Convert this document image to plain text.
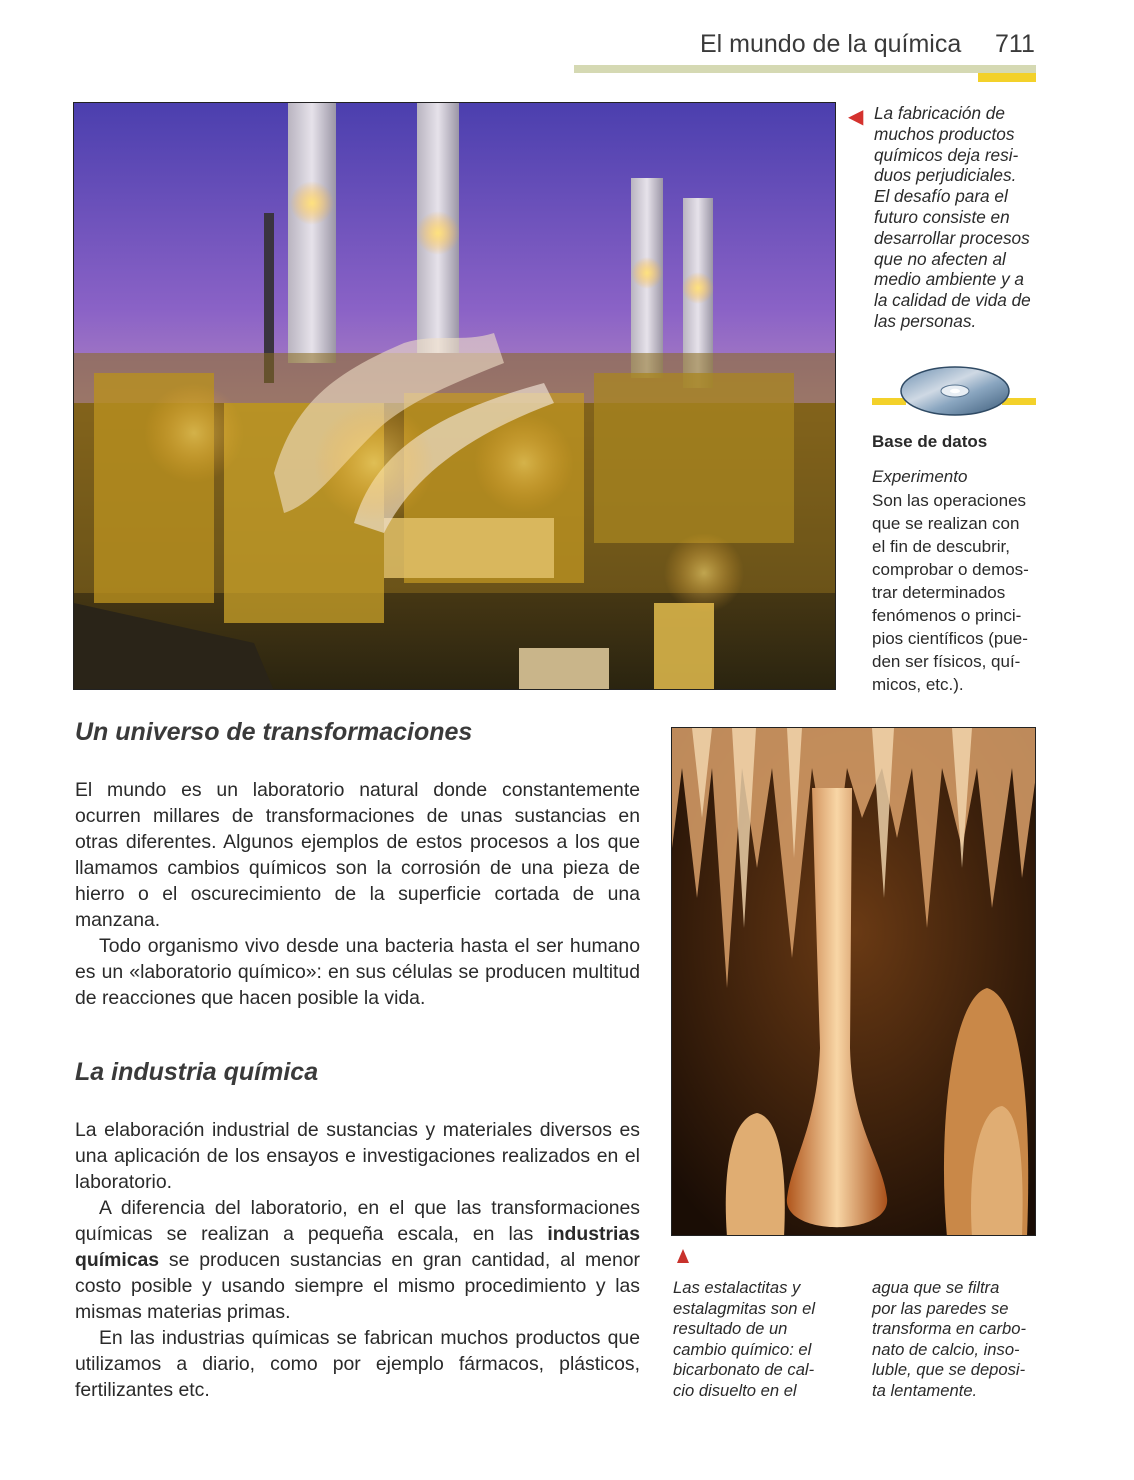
El mundo de la química 711
◀ La fabricación de
muchos productos
químicos deja resi-
duos perjudiciales.
El desafío para el
futuro consiste en
desarrollar procesos
que no afecten al
medio ambiente y a
la calidad de vida de
las personas.
Base de datos
Experimento
Son las operaciones
que se realizan con
el fin de descubrir,
comprobar o demos-
trar determinados
fenómenos o princi-
pios científicos (pue-
den ser físicos, quí-
micos, etc.).
Un universo de transformaciones

El mundo es un laboratorio natural donde constantemente ocurren millares de transformaciones de unas sustancias en otras diferentes. Algunos ejemplos de estos procesos a los que llamamos cambios químicos son la corrosión de una pieza de hierro o el oscurecimiento de la superficie cortada de una manzana.

Todo organismo vivo desde una bacteria hasta el ser humano es un «laboratorio químico»: en sus células se producen multitud de reacciones que hacen posible la vida.

La industria química

La elaboración industrial de sustancias y materiales diversos es una aplicación de los ensayos e investigaciones realizados en el laboratorio.

A diferencia del laboratorio, en el que las transformaciones químicas se realizan a pequeña escala, en las industrias químicas se producen sustancias en gran cantidad, al menor costo posible y usando siempre el mismo procedimiento y las mismas materias primas.

En las industrias químicas se fabrican muchos productos que utilizamos a diario, como por ejemplo fármacos, plásticos, fertilizantes etc.

Las estalactitas y
estalagmitas son el
resultado de un
cambio químico: el
bicarbonato de cal-
cio disuelto en el
agua que se filtra
por las paredes se
transforma en carbo-
nato de calcio, inso-
luble, que se deposi-
ta lentamente.
